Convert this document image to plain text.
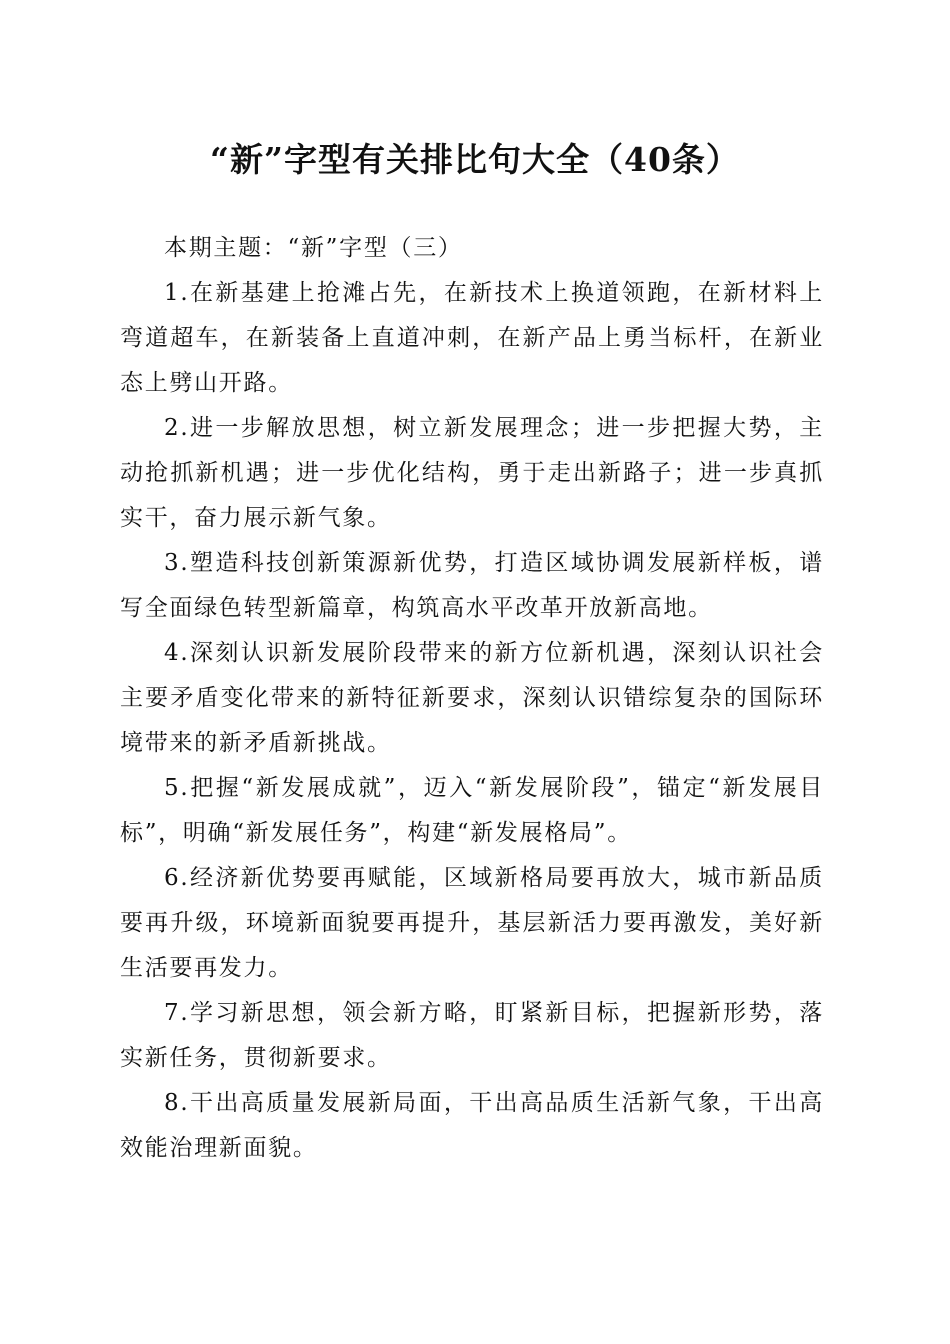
“新”字型有关排比句大全（40条）

本期主题：“新”字型（三）

1.在新基建上抢滩占先，在新技术上换道领跑，在新材料上弯道超车，在新装备上直道冲刺，在新产品上勇当标杆，在新业态上劈山开路。

2.进一步解放思想，树立新发展理念；进一步把握大势，主动抢抓新机遇；进一步优化结构，勇于走出新路子；进一步真抓实干，奋力展示新气象。

3.塑造科技创新策源新优势，打造区域协调发展新样板，谱写全面绿色转型新篇章，构筑高水平改革开放新高地。

4.深刻认识新发展阶段带来的新方位新机遇，深刻认识社会主要矛盾变化带来的新特征新要求，深刻认识错综复杂的国际环境带来的新矛盾新挑战。

5.把握“新发展成就”，迈入“新发展阶段”，锚定“新发展目标”，明确“新发展任务”，构建“新发展格局”。

6.经济新优势要再赋能，区域新格局要再放大，城市新品质要再升级，环境新面貌要再提升，基层新活力要再激发，美好新生活要再发力。

7.学习新思想，领会新方略，盯紧新目标，把握新形势，落实新任务，贯彻新要求。

8.干出高质量发展新局面，干出高品质生活新气象，干出高效能治理新面貌。
